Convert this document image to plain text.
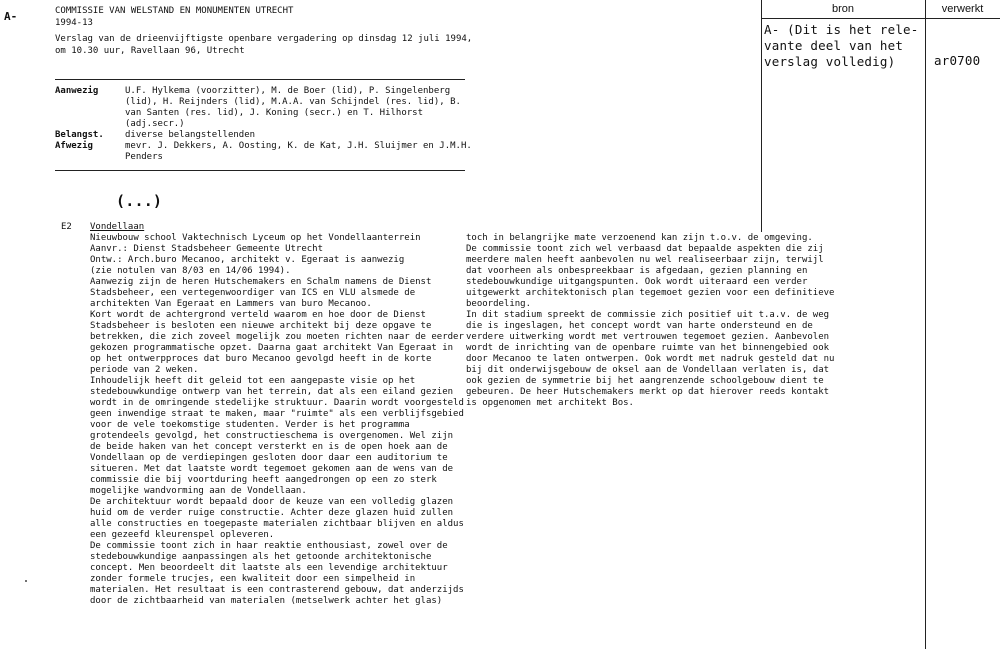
A-	COMMISSIE VAN WELSTAND EN MONUMENTEN UTRECHT
1994-13
Verslag van de drieenvijftigste openbare vergadering op dinsdag 12 juli 1994,
om 10.30 uur, Ravellaan 96, Utrecht
Aanwezig	U.F. Hylkema (voorzitter), M. de Boer (lid), P. Singelenberg
(lid), H. Reijnders (lid), M.A.A. van Schijndel (res. lid), B.
van Santen (res. lid), J. Koning (secr.) en T. Hilhorst
(adj.secr.)
Belangst.	diverse belangstellenden
Afwezig	mevr. J. Dekkers, A. Oosting, K. de Kat, J.H. Sluijmer en J.M.H.
Penders
(...)
E2 Vondellaan
Nieuwbouw school Vaktechnisch Lyceum op het Vondellaanterrein
Aanvr.: Dienst Stadsbeheer Gemeente Utrecht
Ontw.: Arch.buro Mecanoo, architekt v. Egeraat is aanwezig
(zie notulen van 8/03 en 14/06 1994).
Aanwezig zijn de heren Hutschemakers en Schalm namens de Dienst
Stadsbeheer, een vertegenwoordiger van ICS en VLU alsmede de
architekten Van Egeraat en Lammers van buro Mecanoo.
Kort wordt de achtergrond verteld waarom en hoe door de Dienst
Stadsbeheer is besloten een nieuwe architekt bij deze opgave te
betrekken, die zich zoveel mogelijk zou moeten richten naar de eerder
gekozen programmatische opzet. Daarna gaat architekt Van Egeraat in
op het ontwerpproces dat buro Mecanoo gevolgd heeft in de korte
periode van 2 weken.
Inhoudelijk heeft dit geleid tot een aangepaste visie op het
stedebouwkundige ontwerp van het terrein, dat als een eiland gezien
wordt in de omringende stedelijke struktuur. Daarin wordt voorgesteld
geen inwendige straat te maken, maar "ruimte" als een verblijfsgebied
voor de vele toekomstige studenten. Verder is het programma
grotendeels gevolgd, het constructieschema is overgenomen. Wel zijn
de beide haken van het concept versterkt en is de open hoek aan de
Vondellaan op de verdiepingen gesloten door daar een auditorium te
situeren. Met dat laatste wordt tegemoet gekomen aan de wens van de
commissie die bij voortduring heeft aangedrongen op een zo sterk
mogelijke wandvorming aan de Vondellaan.
De architektuur wordt bepaald door de keuze van een volledig glazen
huid om de verder ruige constructie. Achter deze glazen huid zullen
alle constructies en toegepaste materialen zichtbaar blijven en aldus
een gezeefd kleurenspel opleveren.
De commissie toont zich in haar reaktie enthousiast, zowel over de
stedebouwkundige aanpassingen als het getoonde architektonische
concept. Men beoordeelt dit laatste als een levendige architektuur
zonder formele trucjes, een kwaliteit door een simpelheid in
materialen. Het resultaat is een contrasterend gebouw, dat anderzijds
door de zichtbaarheid van materialen (metselwerk achter het glas)
toch in belangrijke mate verzoenend kan zijn t.o.v. de omgeving.
De commissie toont zich wel verbaasd dat bepaalde aspekten die zij
meerdere malen heeft aanbevolen nu wel realiseerbaar zijn, terwijl
dat voorheen als onbespreekbaar is afgedaan, gezien planning en
stedebouwkundige uitgangspunten. Ook wordt uiteraard een verder
uitgewerkt architektonisch plan tegemoet gezien voor een definitieve
beoordeling.
In dit stadium spreekt de commissie zich positief uit t.a.v. de weg
die is ingeslagen, het concept wordt van harte ondersteund en de
verdere uitwerking wordt met vertrouwen tegemoet gezien. Aanbevolen
wordt de inrichting van de openbare ruimte van het binnengebied ook
door Mecanoo te laten ontwerpen. Ook wordt met nadruk gesteld dat nu
bij dit onderwijsgebouw de oksel aan de Vondellaan verlaten is, dat
ook gezien de symmetrie bij het aangrenzende schoolgebouw dient te
gebeuren. De heer Hutschemakers merkt op dat hierover reeds kontakt
is opgenomen met architekt Bos.
bron	verwerkt
A- (Dit is het rele-
vante deel van het
verslag volledig)	ar0700
